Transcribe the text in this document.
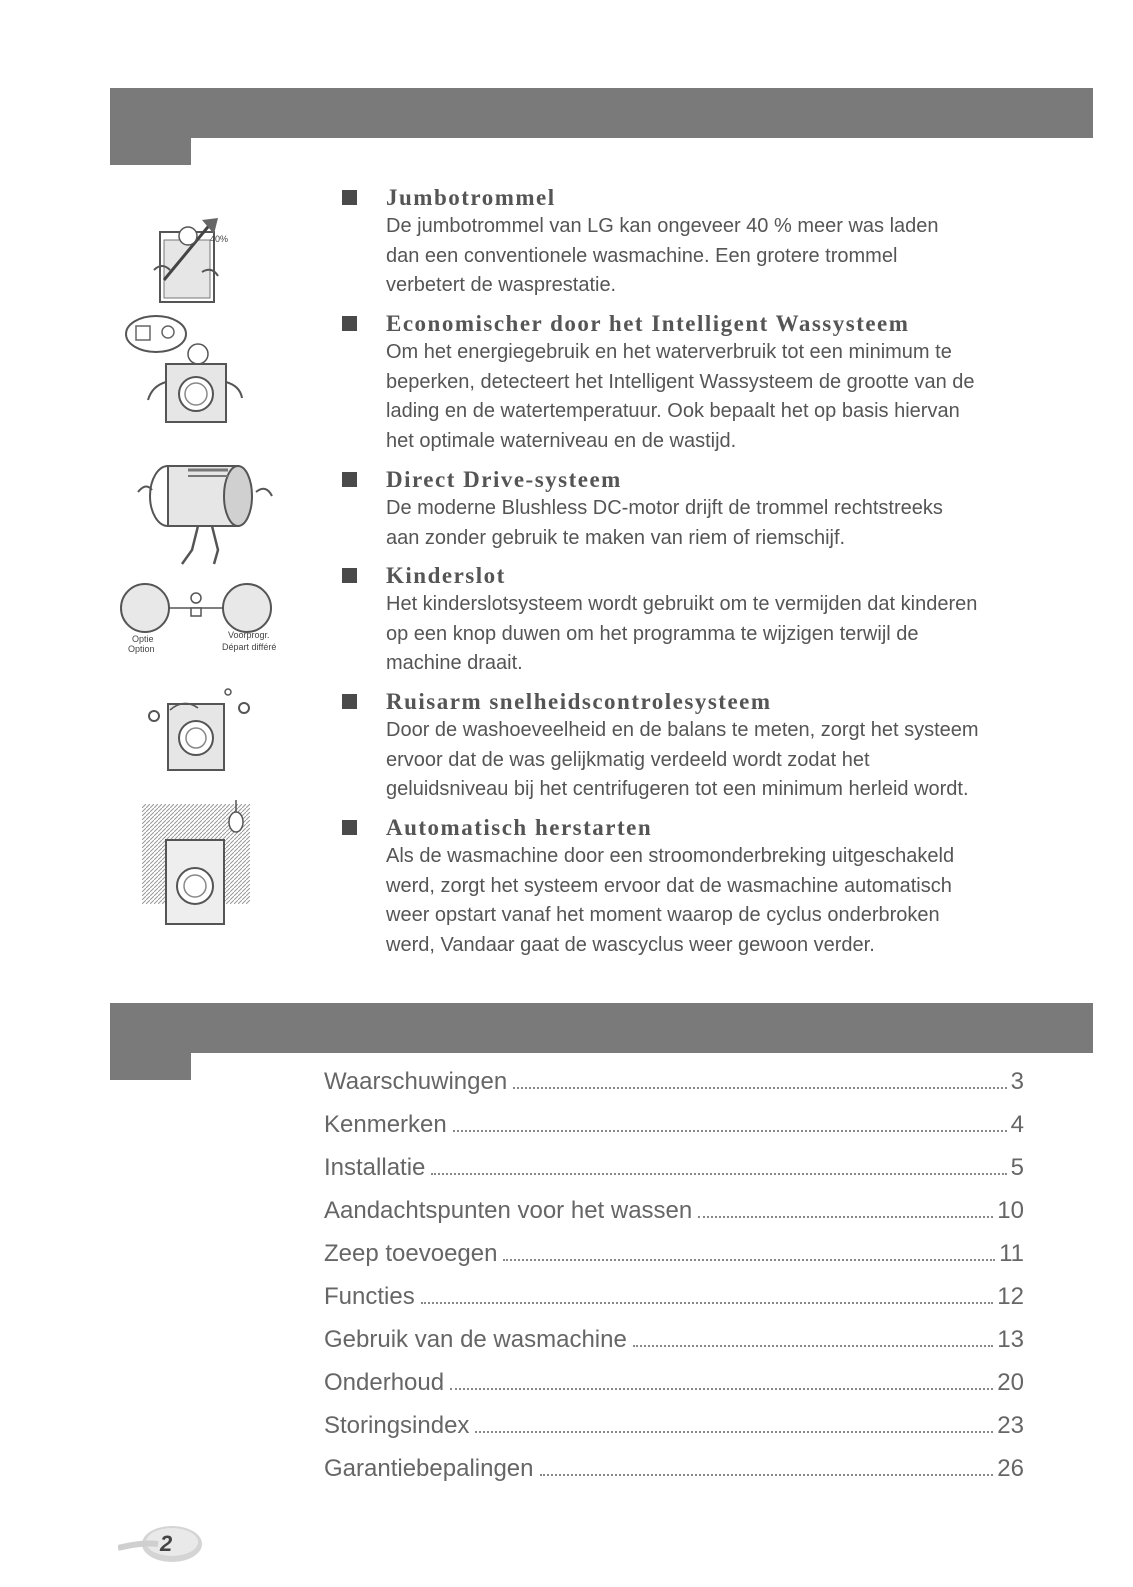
40%
Optie
Option
Voorprogr.
Départ différé
Jumbotrommel
De jumbotrommel van LG kan ongeveer 40 % meer was laden
dan een conventionele wasmachine. Een grotere trommel
verbetert de wasprestatie.
Economischer door het Intelligent Wassysteem
Om het energiegebruik en het waterverbruik tot een minimum te
beperken, detecteert het Intelligent Wassysteem de grootte van de
lading en de watertemperatuur. Ook bepaalt het op basis hiervan
het optimale waterniveau en de wastijd.
Direct Drive-systeem
De moderne Blushless DC-motor drijft de trommel rechtstreeks
aan zonder gebruik te maken van riem of riemschijf.
Kinderslot
Het kinderslotsysteem wordt gebruikt om te vermijden dat kinderen
op een knop duwen om het programma te wijzigen terwijl de
machine draait.
Ruisarm snelheidscontrolesysteem
Door de washoeveelheid en de balans te meten, zorgt het systeem
ervoor dat de was gelijkmatig verdeeld wordt zodat het
geluidsniveau bij het centrifugeren tot een minimum herleid wordt.
Automatisch herstarten
Als de wasmachine door een stroomonderbreking uitgeschakeld
werd, zorgt het systeem ervoor dat de wasmachine automatisch
weer opstart vanaf het moment waarop de cyclus onderbroken
werd, Vandaar gaat de wascyclus weer gewoon verder.
Waarschuwingen	3
Kenmerken	4
Installatie	5
Aandachtspunten voor het wassen	10
Zeep toevoegen	11
Functies	12
Gebruik van de wasmachine	13
Onderhoud	20
Storingsindex	23
Garantiebepalingen	26
2
